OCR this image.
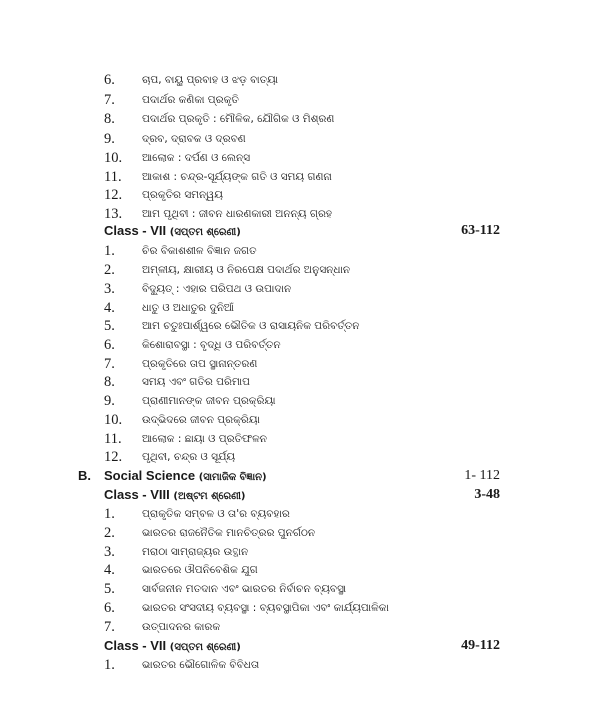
6.	ଚାପ, ବାୟୁ ପ୍ରବାହ ଓ ଝଡ଼ ବାତ୍ୟା
7.	ପଦାର୍ଥର କଣିକା ପ୍ରକୃତି
8.	ପଦାର୍ଥର ପ୍ରକୃତି : ମୌଳିକ, ଯୌଗିକ ଓ ମିଶ୍ରଣ
9.	ଦ୍ରବ, ଦ୍ରାବକ ଓ ଦ୍ରବଣ
10. ଆଲୋକ : ଦର୍ପଣ ଓ ଲେନ୍ସ
11. ଆକାଶ : ଚନ୍ଦ୍ର-ସୂର୍ଯ୍ୟଙ୍କ ଗତି ଓ ସମୟ ଗଣନା
12. ପ୍ରକୃତିର ସମନ୍ୱୟ
13. ଆମ ପୃଥିବୀ : ଜୀବନ ଧାରଣକାରୀ ଅନନ୍ୟ ଗ୍ରହ
Class - VII (ସପ୍ତମ ଶ୍ରେଣୀ)	63-112
1.	ଚିର ବିକାଶଶୀଳ ବିଜ୍ଞାନ ଜଗତ
2.	ଅମ୍ଳୀୟ, କ୍ଷାରୀୟ ଓ ନିରପେକ୍ଷ ପଦାର୍ଥର ଅନୁସନ୍ଧାନ
3.	ବିଦ୍ୟୁତ୍ : ଏହାର ପରିପଥ ଓ ଉପାଦାନ
4.	ଧାତୁ ଓ ଅଧାତୁର ଦୁନିଆଁ
5.	ଆମ ଚତୁଃପାର୍ଶ୍ୱରେ ଭୌତିକ ଓ ରାସାୟନିକ ପରିବର୍ତ୍ତନ
6.	କିଶୋରାବସ୍ଥା : ବୃଦ୍ଧି ଓ ପରିବର୍ତ୍ତନ
7.	ପ୍ରକୃତିରେ ତାପ ସ୍ଥାନାନ୍ତରଣ
8.	ସମୟ ଏବଂ ଗତିର ପରିମାପ
9.	ପ୍ରାଣୀମାନଙ୍କ ଜୀବନ ପ୍ରକ୍ରିୟା
10. ଉଦ୍ଭିଦରେ ଜୀବନ ପ୍ରକ୍ରିୟା
11. ଆଲୋକ : ଛାୟା ଓ ପ୍ରତିଫଳନ
12. ପୃଥିବୀ, ଚନ୍ଦ୍ର ଓ ସୂର୍ଯ୍ୟ
B. Social Science (ସାମାଜିକ ବିଜ୍ଞାନ)	1- 112
Class - VIII (ଅଷ୍ଟମ ଶ୍ରେଣୀ)	3-48
1.	ପ୍ରାକୃତିକ ସମ୍ବଳ ଓ ତା'ର ବ୍ୟବହାର
2.	ଭାରତର ରାଜନୈତିକ ମାନଚିତ୍ରର ପୁନର୍ଗଠନ
3.	ମରାଠା ସାମ୍ରାଜ୍ୟର ଉତ୍ଥାନ
4.	ଭାରତରେ ଔପନିବେଶିକ ଯୁଗ
5.	ସାର୍ବଜନୀନ ମତଦାନ ଏବଂ ଭାରତର ନିର୍ବାଚନ ବ୍ୟବସ୍ଥା
6.	ଭାରତର ସଂସଦୀୟ ବ୍ୟବସ୍ଥା : ବ୍ୟବସ୍ଥାପିକା ଏବଂ କାର୍ଯ୍ୟପାଳିକା
7.	ଉତ୍ପାଦନର କାରକ
Class - VII (ସପ୍ତମ ଶ୍ରେଣୀ)	49-112
1.	ଭାରତର ଭୌଗୋଳିକ ବିବିଧତା
